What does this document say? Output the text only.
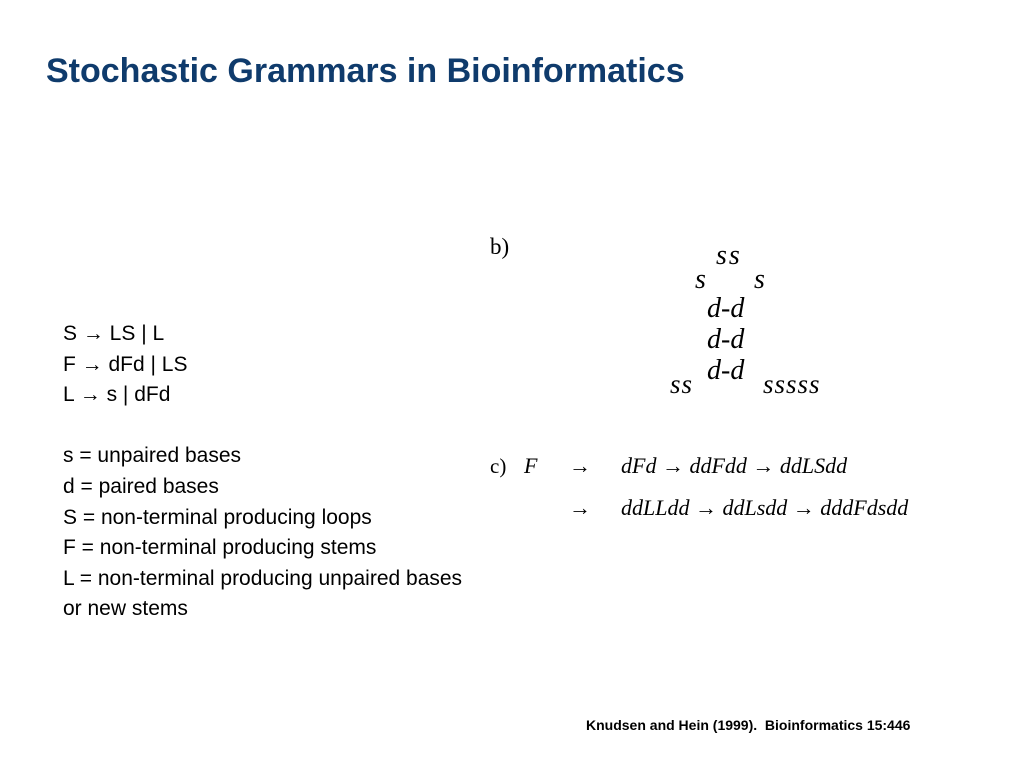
Stochastic Grammars in Bioinformatics
S → LS | L
F → dFd | LS
L → s | dFd
s = unpaired bases
d = paired bases
S = non-terminal producing loops
F = non-terminal producing stems
L = non-terminal producing unpaired bases or new stems
b)	ss
s s
d-d
d-d
ss d-d sssss
c) F → dFd → ddFdd → ddLSdd
→ ddLLdd → ddLsdd → dddFdsdd
Knudsen and Hein (1999).  Bioinformatics 15:446
